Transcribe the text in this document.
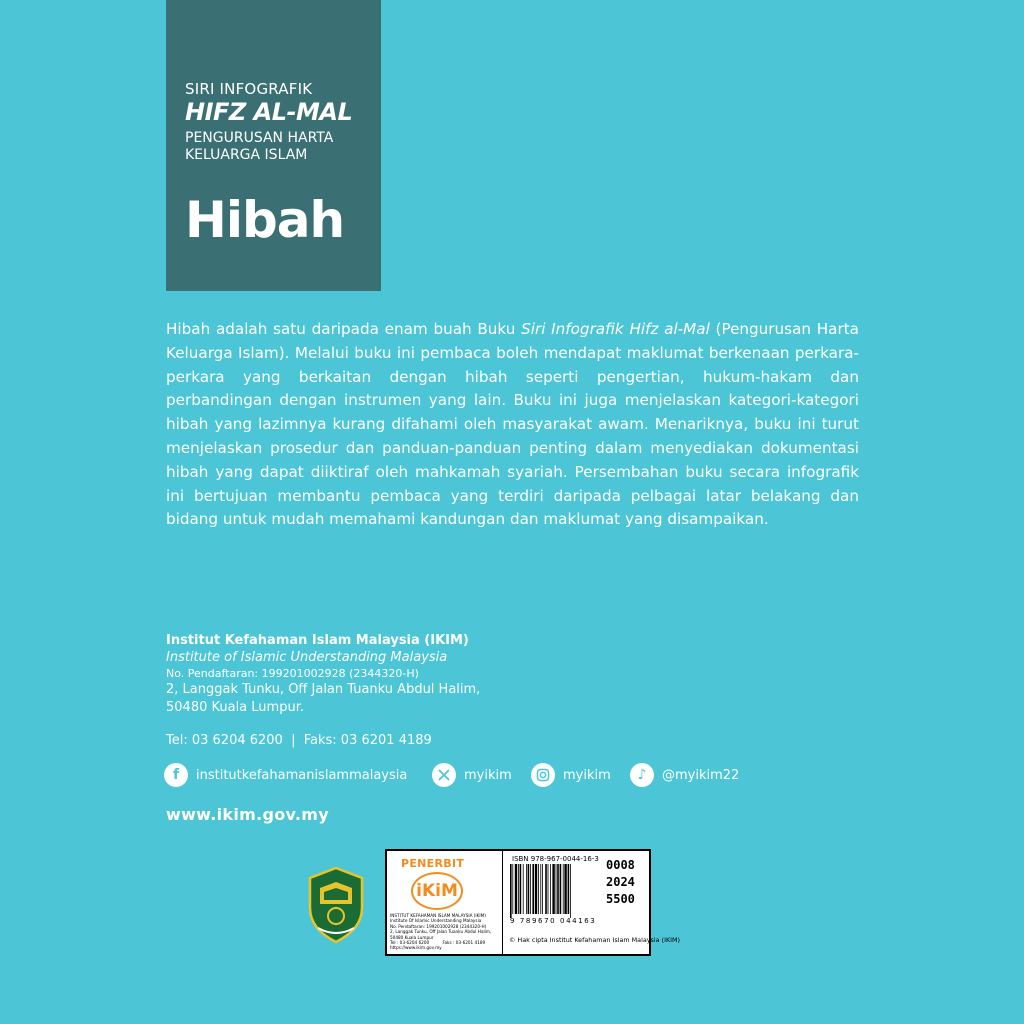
SIRI INFOGRAFIK
HIFZ AL-MAL
PENGURUSAN HARTA
KELUARGA ISLAM
Hibah

Hibah adalah satu daripada enam buah Buku Siri Infografik Hifz al-Mal (Pengurusan Harta Keluarga Islam). Melalui buku ini pembaca boleh mendapat maklumat berkenaan perkara-perkara yang berkaitan dengan hibah seperti pengertian, hukum-hakam dan perbandingan dengan instrumen yang lain. Buku ini juga menjelaskan kategori-kategori hibah yang lazimnya kurang difahami oleh masyarakat awam. Menariknya, buku ini turut menjelaskan prosedur dan panduan-panduan penting dalam menyediakan dokumentasi hibah yang dapat diiktiraf oleh mahkamah syariah. Persembahan buku secara infografik ini bertujuan membantu pembaca yang terdiri daripada pelbagai latar belakang dan bidang untuk mudah memahami kandungan dan maklumat yang disampaikan.

Institut Kefahaman Islam Malaysia (IKIM)
Institute of Islamic Understanding Malaysia
No. Pendaftaran: 199201002928 (2344320-H)
2, Langgak Tunku, Off Jalan Tuanku Abdul Halim,
50480 Kuala Lumpur.
Tel: 03 6204 6200  |  Faks: 03 6201 4189
f	institutkefahamanislammalaysia	myikim	myikim	♪	@myikim22
www.ikim.gov.my
PENERBIT
iKiM
INSTITUT KEFAHAMAN ISLAM MALAYSIA (IKIM)
Institute Of Islamic Understanding Malaysia
No. Pendaftaran: 199201002928 (2344320-H)
2, Langgak Tunku, Off Jalan Tuanku Abdul Halim,
50480 Kuala Lumpur
Tel : 03-6204 6200          Faks : 03-6201 4189
https://www.ikim.gov.my
ISBN 978-967-0044-16-3
9 789670 044163
0008
2024
5500
© Hak cipta Institut Kefahaman Islam Malaysia (IKIM)
